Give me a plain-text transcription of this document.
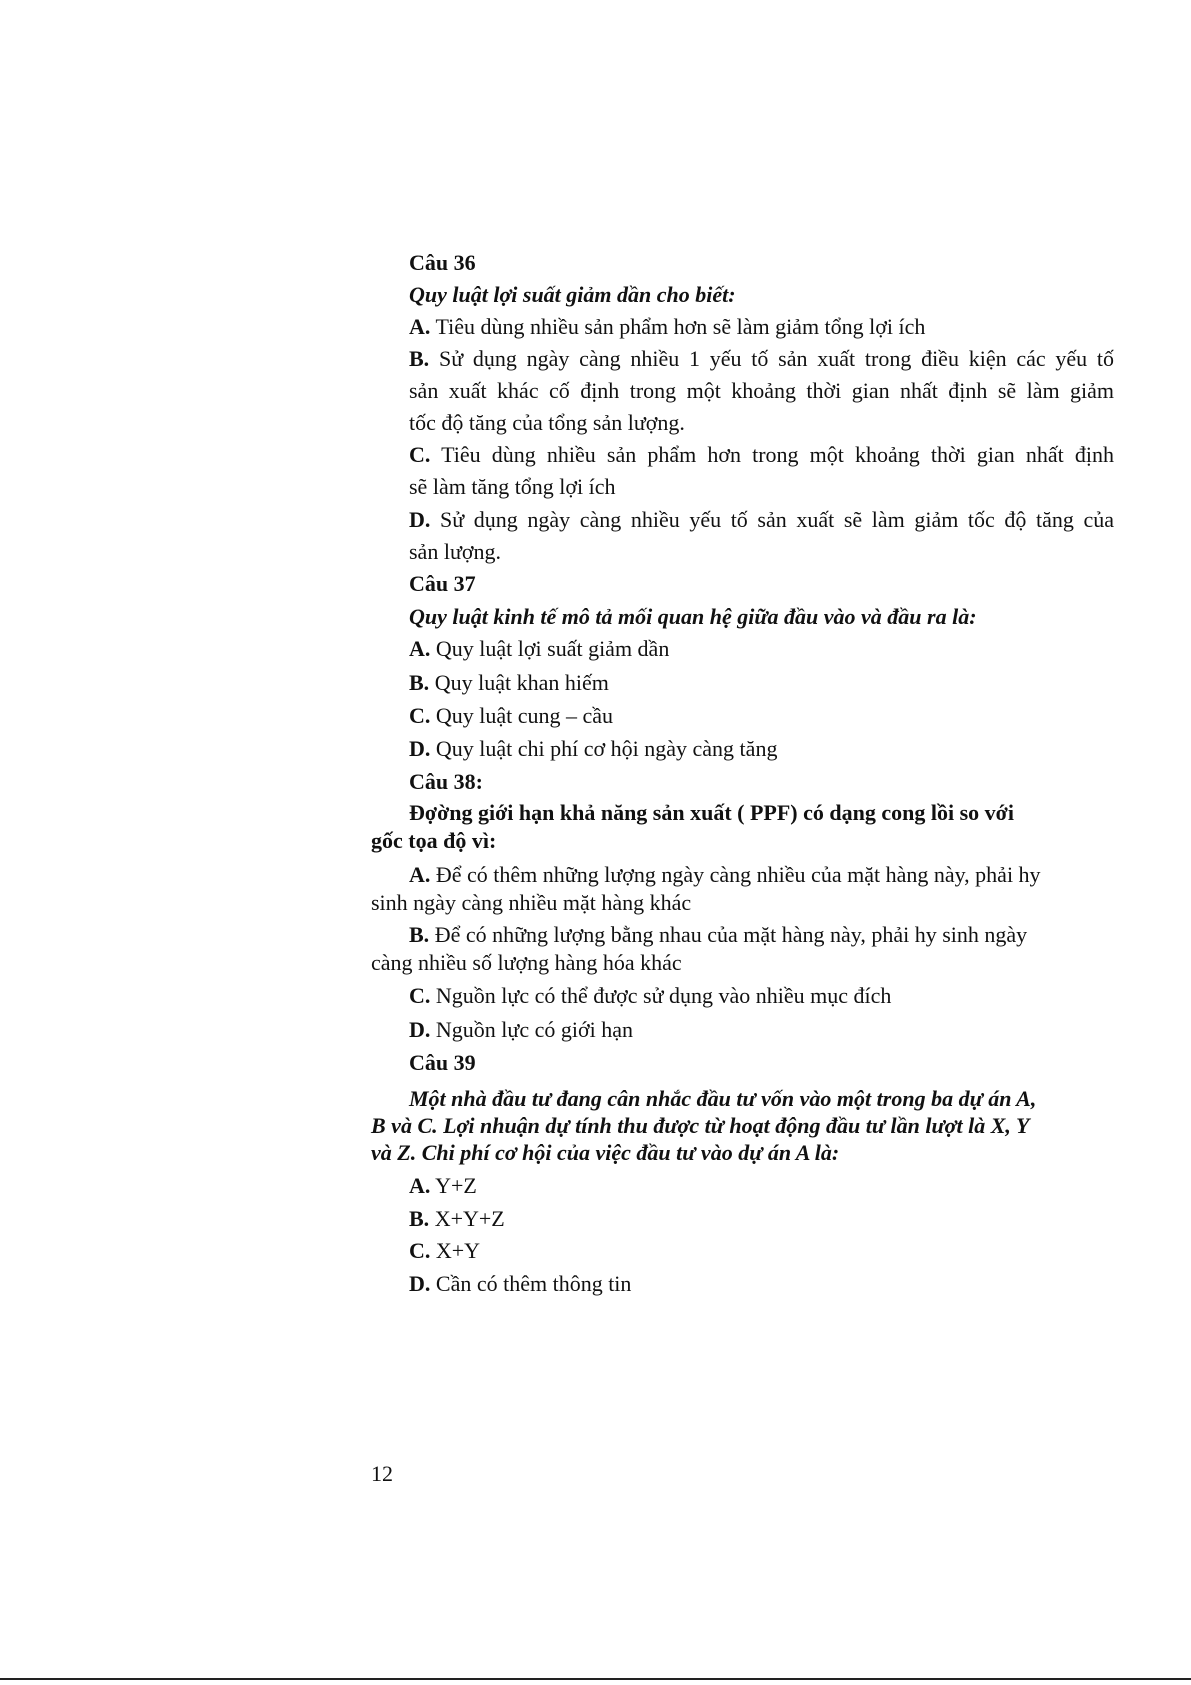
Câu 36

Quy luật lợi suất giảm dần cho biết:

A. Tiêu dùng nhiều sản phẩm hơn sẽ làm giảm tổng lợi ích

B. Sử dụng ngày càng nhiều 1 yếu tố sản xuất trong điều kiện các yếu tố

sản xuất khác cố định trong một khoảng thời gian nhất định sẽ làm giảm

tốc độ tăng của tổng sản lượng.

C. Tiêu dùng nhiều sản phẩm hơn trong một khoảng thời gian nhất định

sẽ làm tăng tổng lợi ích

D. Sử dụng ngày càng nhiều yếu tố sản xuất sẽ làm giảm tốc độ tăng của

sản lượng.

Câu 37

Quy luật kinh tế mô tả mối quan hệ giữa đầu vào và đầu ra là:

A. Quy luật lợi suất giảm dần

B. Quy luật khan hiếm

C. Quy luật cung – cầu

D. Quy luật chi phí cơ hội ngày càng tăng

Câu 38:

Đợờng giới hạn khả năng sản xuất ( PPF) có dạng cong lồi so với

gốc tọa độ vì:

A. Để có thêm những lượng ngày càng nhiều của mặt hàng này, phải hy

sinh ngày càng nhiều mặt hàng khác

B. Để có những lượng bằng nhau của mặt hàng này, phải hy sinh ngày

càng nhiều số lượng hàng hóa khác

C. Nguồn lực có thể được sử dụng vào nhiều mục đích

D. Nguồn lực có giới hạn

Câu 39

Một nhà đầu tư đang cân nhắc đầu tư vốn vào một trong ba dự án A,

B và C. Lợi nhuận dự tính thu được từ hoạt động đầu tư lần lượt là X, Y

và Z. Chi phí cơ hội của việc đầu tư vào dự án A là:

A. Y+Z

B. X+Y+Z

C. X+Y

D. Cần có thêm thông tin

12
